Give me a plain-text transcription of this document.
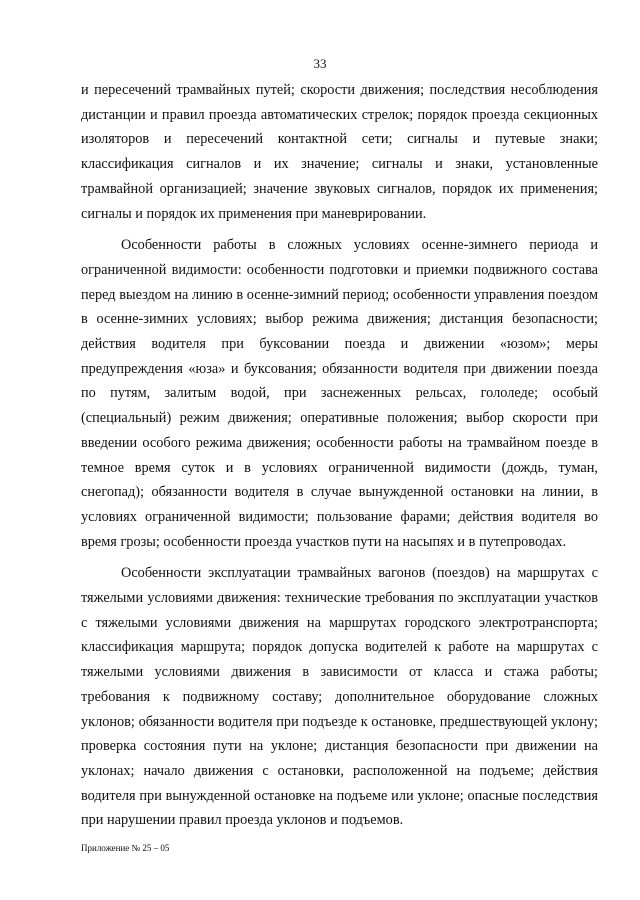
33

и пересечений трамвайных путей; скорости движения; последствия несоблюдения дистанции и правил проезда автоматических стрелок; порядок проезда секционных изоляторов и пересечений контактной сети; сигналы и путевые знаки; классификация сигналов и их значение; сигналы и знаки, установленные трамвайной организацией; значение звуковых сигналов, порядок их применения; сигналы и порядок их применения при маневрировании.

Особенности работы в сложных условиях осенне-зимнего периода и ограниченной видимости: особенности подготовки и приемки подвижного состава перед выездом на линию в осенне-зимний период; особенности управления поездом в осенне-зимних условиях; выбор режима движения; дистанция безопасности; действия водителя при буксовании поезда и движении «юзом»; меры предупреждения «юза» и буксования; обязанности водителя при движении поезда по путям, залитым водой, при заснеженных рельсах, гололеде; особый (специальный) режим движения; оперативные положения; выбор скорости при введении особого режима движения; особенности работы на трамвайном поезде в темное время суток и в условиях ограниченной видимости (дождь, туман, снегопад); обязанности водителя в случае вынужденной остановки на линии, в условиях ограниченной видимости; пользование фарами; действия водителя во время грозы; особенности проезда участков пути на насыпях и в путепроводах.

Особенности эксплуатации трамвайных вагонов (поездов) на маршрутах с тяжелыми условиями движения: технические требования по эксплуатации участков с тяжелыми условиями движения на маршрутах городского электротранспорта; классификация маршрута; порядок допуска водителей к работе на маршрутах с тяжелыми условиями движения в зависимости от класса и стажа работы; требования к подвижному составу; дополнительное оборудование сложных уклонов; обязанности водителя при подъезде к остановке, предшествующей уклону; проверка состояния пути на уклоне; дистанция безопасности при движении на уклонах; начало движения с остановки, расположенной на подъеме; действия водителя при вынужденной остановке на подъеме или уклоне; опасные последствия при нарушении правил проезда уклонов и подъемов.

Приложение № 25 – 05
